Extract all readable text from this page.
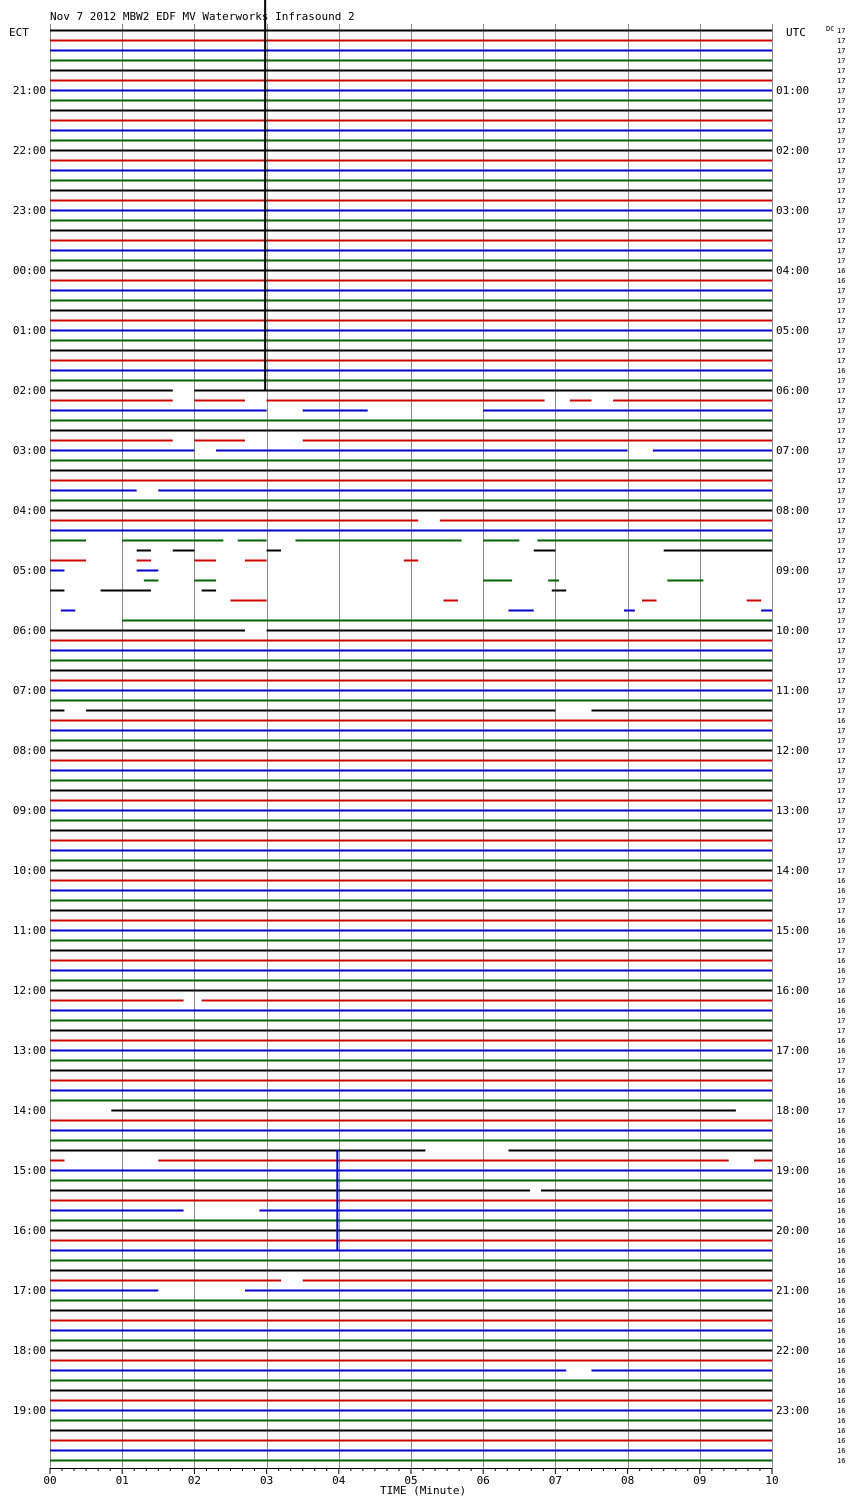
Nov 7 2012 MBW2 EDF MV Waterworks Infrasound 2
ECT	UTC	DC
00	01	02	03	04	05	06	07	08	09	10
21:00
22:00
23:00
00:00
01:00
02:00
03:00
04:00
05:00
06:00
07:00
08:00
09:00
10:00
11:00
12:00
13:00
14:00
15:00
16:00
17:00
18:00
19:00
01:00
02:00
03:00
04:00
05:00
06:00
07:00
08:00
09:00
10:00
11:00
12:00
13:00
14:00
15:00
16:00
17:00
18:00
19:00
20:00
21:00
22:00
23:00
17
17
17
17
17
17
17
17
17
17
17
17
17
17
17
17
17
17
17
17
17
17
17
17
16
16
17
17
17
17
17
17
17
17
16
17
17
17
17
17
17
17
17
17
17
17
17
17
17
17
17
17
17
17
17
17
17
17
17
17
17
17
17
17
17
17
17
17
17
16
17
17
17
17
17
17
17
17
17
17
17
17
17
17
17
16
16
17
17
16
16
17
17
16
16
17
16
16
16
17
17
16
16
17
17
16
16
16
17
16
16
16
16
16
16
16
16
16
16
16
16
16
16
16
16
16
16
16
16
16
16
16
16
16
16
16
16
16
16
16
16
16
16
16
TIME (Minute)
